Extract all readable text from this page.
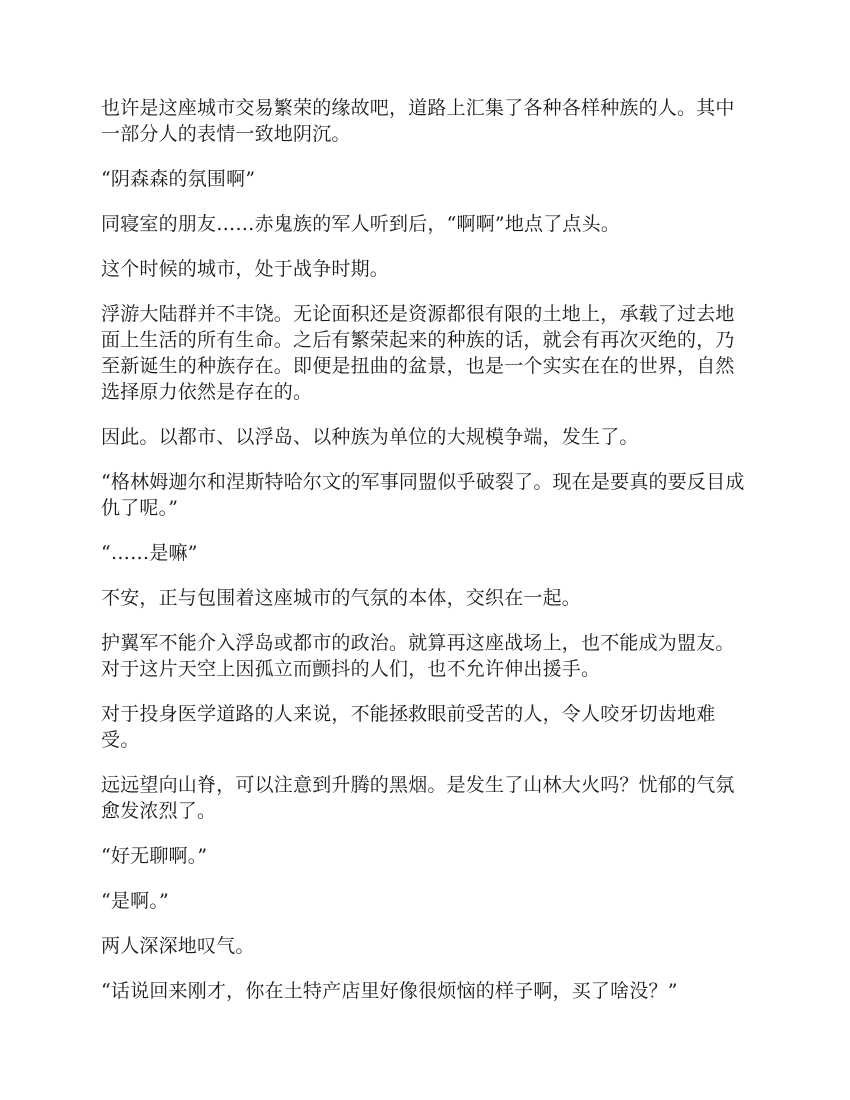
也许是这座城市交易繁荣的缘故吧，道路上汇集了各种各样种族的人。其中一部分人的表情一致地阴沉。

“阴森森的氛围啊”

同寝室的朋友……赤鬼族的军人听到后，“啊啊”地点了点头。

这个时候的城市，处于战争时期。

浮游大陆群并不丰饶。无论面积还是资源都很有限的土地上，承载了过去地面上生活的所有生命。之后有繁荣起来的种族的话，就会有再次灭绝的，乃至新诞生的种族存在。即便是扭曲的盆景，也是一个实实在在的世界，自然选择原力依然是存在的。

因此。以都市、以浮岛、以种族为单位的大规模争端，发生了。

“格林姆迦尔和涅斯特哈尔文的军事同盟似乎破裂了。现在是要真的要反目成仇了呢。”

“……是嘛”

不安，正与包围着这座城市的气氛的本体，交织在一起。

护翼军不能介入浮岛或都市的政治。就算再这座战场上，也不能成为盟友。对于这片天空上因孤立而颤抖的人们，也不允许伸出援手。

对于投身医学道路的人来说，不能拯救眼前受苦的人，令人咬牙切齿地难受。

远远望向山脊，可以注意到升腾的黑烟。是发生了山林大火吗？忧郁的气氛愈发浓烈了。

“好无聊啊。”

“是啊。”

两人深深地叹气。

“话说回来刚才，你在土特产店里好像很烦恼的样子啊，买了啥没？”
